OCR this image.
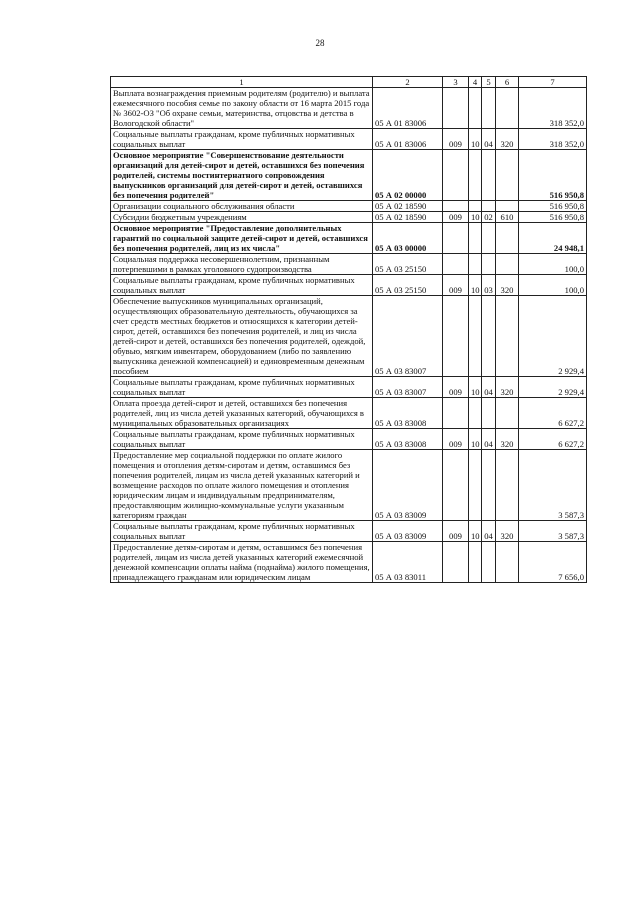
28
1	2	3	4	5	6	7
Выплата вознаграждения приемным родителям (родителю) и выплата ежемесячного пособия семье по закону области от 16 марта 2015 года № 3602-ОЗ "Об охране семьи, материнства, отцовства и детства в Вологодской области"	05 А 01 83006					318 352,0
Социальные выплаты гражданам, кроме публичных нормативных социальных выплат	05 А 01 83006	009	10	04	320	318 352,0
Основное мероприятие "Совершенствование деятельности организаций для детей-сирот и детей, оставшихся без попечения родителей, системы постинтернатного сопровождения выпускников организаций для детей-сирот и детей, оставшихся без попечения родителей"	05 А 02 00000					516 950,8
Организации социального обслуживания области	05 А 02 18590					516 950,8
Субсидии бюджетным учреждениям	05 А 02 18590	009	10	02	610	516 950,8
Основное мероприятие "Предоставление дополнительных гарантий по социальной защите детей-сирот и детей, оставшихся без попечения родителей, лиц из их числа"	05 А 03 00000					24 948,1
Социальная поддержка несовершеннолетним, признанным потерпевшими в рамках уголовного судопроизводства	05 А 03 25150					100,0
Социальные выплаты гражданам, кроме публичных нормативных социальных выплат	05 А 03 25150	009	10	03	320	100,0
Обеспечение выпускников муниципальных организаций, осуществляющих образовательную деятельность, обучающихся за счет средств местных бюджетов и относящихся к категории детей-сирот, детей, оставшихся без попечения родителей, и лиц из числа детей-сирот и детей, оставшихся без попечения родителей, одеждой, обувью, мягким инвентарем, оборудованием (либо по заявлению выпускника денежной компенсацией) и единовременным денежным пособием	05 А 03 83007					2 929,4
Социальные выплаты гражданам, кроме публичных нормативных социальных выплат	05 А 03 83007	009	10	04	320	2 929,4
Оплата проезда детей-сирот и детей, оставшихся без попечения родителей, лиц из числа детей указанных категорий, обучающихся в муниципальных образовательных организациях	05 А 03 83008					6 627,2
Социальные выплаты гражданам, кроме публичных нормативных социальных выплат	05 А 03 83008	009	10	04	320	6 627,2
Предоставление мер социальной поддержки по оплате жилого помещения и отопления детям-сиротам и детям, оставшимся без попечения родителей, лицам из числа детей указанных категорий и возмещение расходов по оплате жилого помещения и отопления юридическим лицам и индивидуальным предпринимателям, предоставляющим жилищно-коммунальные услуги указанным категориям граждан	05 А 03 83009					3 587,3
Социальные выплаты гражданам, кроме публичных нормативных социальных выплат	05 А 03 83009	009	10	04	320	3 587,3
Предоставление детям-сиротам и детям, оставшимся без попечения родителей, лицам из числа детей указанных категорий ежемесячной денежной компенсации оплаты найма (поднайма) жилого помещения, принадлежащего гражданам или юридическим лицам	05 А 03 83011					7 656,0
